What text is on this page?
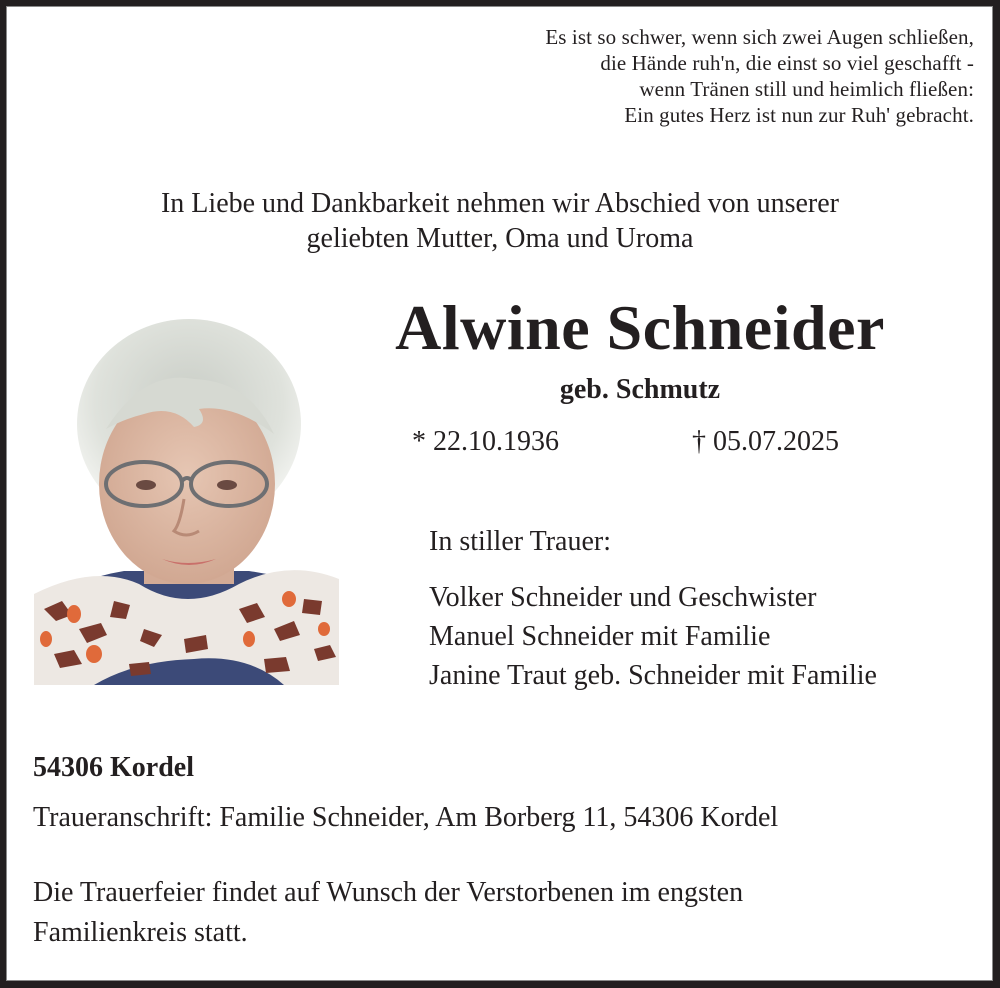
Es ist so schwer, wenn sich zwei Augen schließen,
die Hände ruh'n, die einst so viel geschafft -
wenn Tränen still und heimlich fließen:
Ein gutes Herz ist nun zur Ruh' gebracht.
In Liebe und Dankbarkeit nehmen wir Abschied von unserer
geliebten Mutter, Oma und Uroma
Alwine Schneider
geb. Schmutz
* 22.10.1936	† 05.07.2025
In stiller Trauer:
Volker Schneider und Geschwister
Manuel Schneider mit Familie
Janine Traut geb. Schneider mit Familie
54306 Kordel
Traueranschrift: Familie Schneider, Am Borberg 11, 54306 Kordel
Die Trauerfeier findet auf Wunsch der Verstorbenen im engsten
Familienkreis statt.
